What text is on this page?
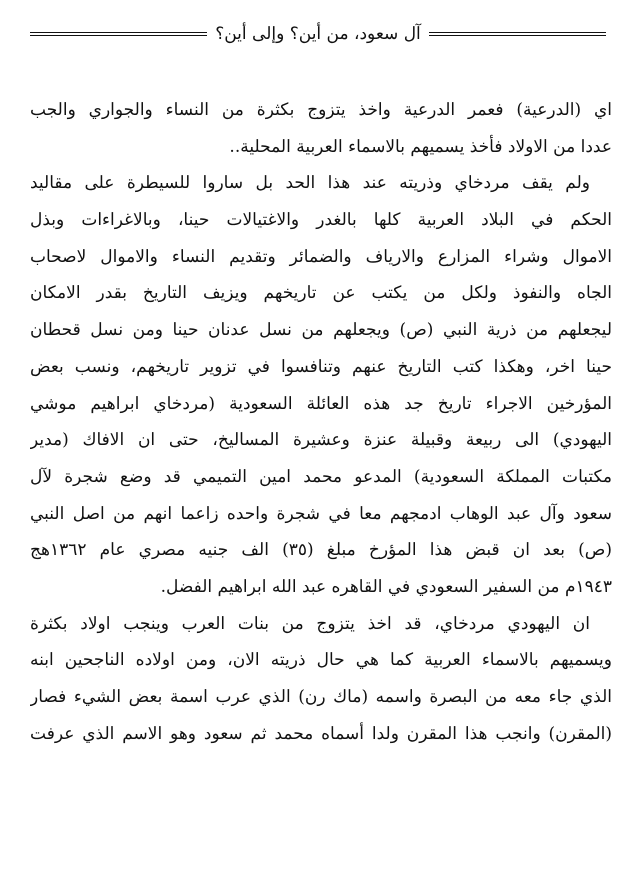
آل سعود، من أين؟ وإلى أين؟
اي (الدرعية) فعمر الدرعية واخذ يتزوج بكثرة من النساء والجواري والجب
عددا من الاولاد فأخذ يسميهم بالاسماء العربية المحلية..
ولم يقف مردخاي وذريته عند هذا الحد بل ساروا للسيطرة على مقاليد
الحكم في البلاد العربية كلها بالغدر والاغتيالات حينا، وبالاغراءات وبذل
الاموال وشراء المزارع والارياف والضمائر وتقديم النساء والاموال لاصحاب
الجاه والنفوذ ولكل من يكتب عن تاريخهم ويزيف التاريخ بقدر الامكان
ليجعلهم من ذرية النبي (ص) ويجعلهم من نسل عدنان حينا ومن نسل قحطان
حينا اخر، وهكذا كتب التاريخ عنهم وتنافسوا في تزوير تاريخهم، ونسب بعض
المؤرخين الاجراء تاريخ جد هذه العائلة السعودية (مردخاي ابراهيم موشي
اليهودي) الى ربيعة وقبيلة عنزة وعشيرة المساليخ، حتى ان الافاك (مدير
مكتبات المملكة السعودية) المدعو محمد امين التميمي قد وضع شجرة لآل
سعود وآل عبد الوهاب ادمجهم معا في شجرة واحده زاعما انهم من اصل النبي
(ص) بعد ان قبض هذا المؤرخ مبلغ (٣٥) الف جنيه مصري عام ١٣٦٢هج
١٩٤٣م من السفير السعودي في القاهره عبد الله ابراهيم الفضل.
ان اليهودي مردخاي، قد اخذ يتزوج من بنات العرب وينجب اولاد بكثرة
ويسميهم بالاسماء العربية كما هي حال ذريته الان، ومن اولاده الناجحين ابنه
الذي جاء معه من البصرة واسمه (ماك رن) الذي عرب اسمة بعض الشيء فصار
(المقرن) وانجب هذا المقرن ولدا أسماه محمد ثم سعود وهو الاسم الذي عرفت
